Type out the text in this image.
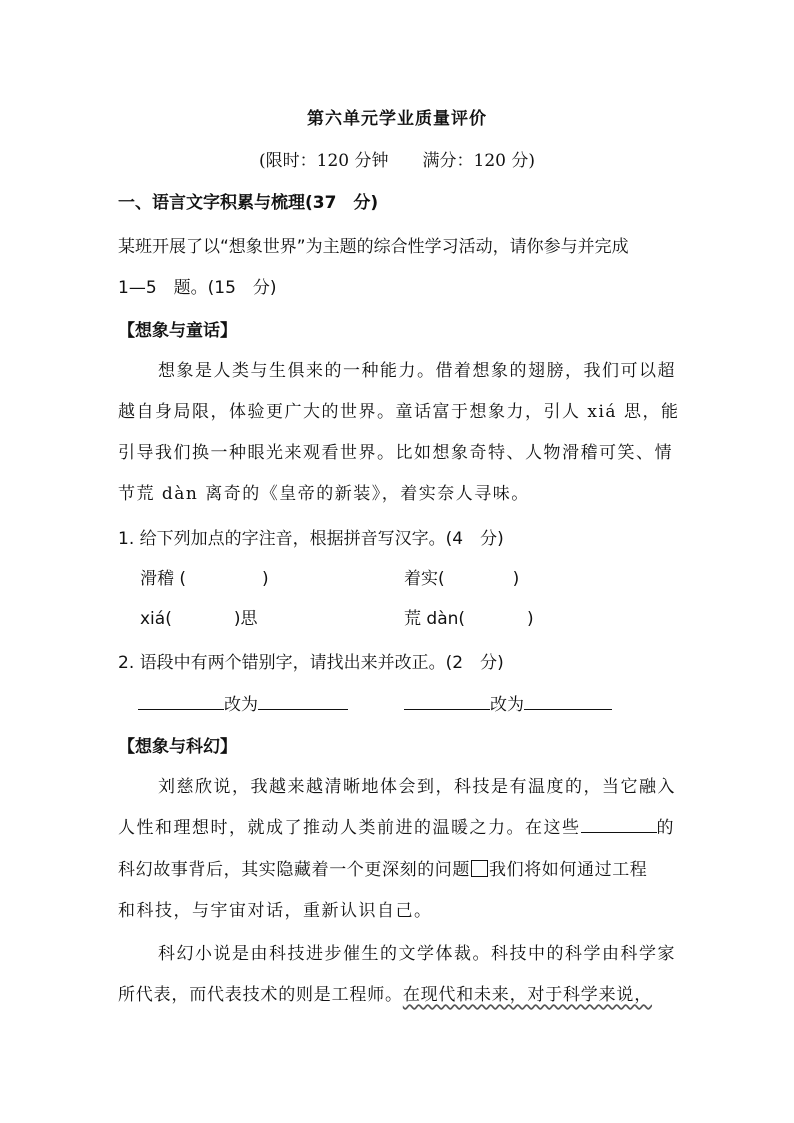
第六单元学业质量评价
(限时：120 分钟　　满分：120 分)
一、语言文字积累与梳理(37　分)
某班开展了以“想象世界”为主题的综合性学习活动，请你参与并完成
1—5　题。(15　分)
【想象与童话】
想象是人类与生俱来的一种能力。借着想象的翅膀，我们可以超
越自身局限，体验更广大的世界。童话富于想象力，引人 xiá 思，能
引导我们换一种眼光来观看世界。比如想象奇特、人物滑稽可笑、情
节荒 dàn 离奇的《皇帝的新装》，着实奈人寻味。
1. 给下列加点的字注音，根据拼音写汉字。(4　分)
滑稽 (	)	着实(	)
xiá(	)思	荒 dàn(	)
2. 语段中有两个错别字，请找出来并改正。(2　分)
改为	改为
【想象与科幻】
刘慈欣说，我越来越清晰地体会到，科技是有温度的，当它融入
人性和理想时，就成了推动人类前进的温暖之力。在这些	的
科幻故事背后，其实隐藏着一个更深刻的问题 我们将如何通过工程
和科技，与宇宙对话，重新认识自己。
科幻小说是由科技进步催生的文学体裁。科技中的科学由科学家
所代表，而代表技术的则是工程师。在现代和未来，对于科学来说，
